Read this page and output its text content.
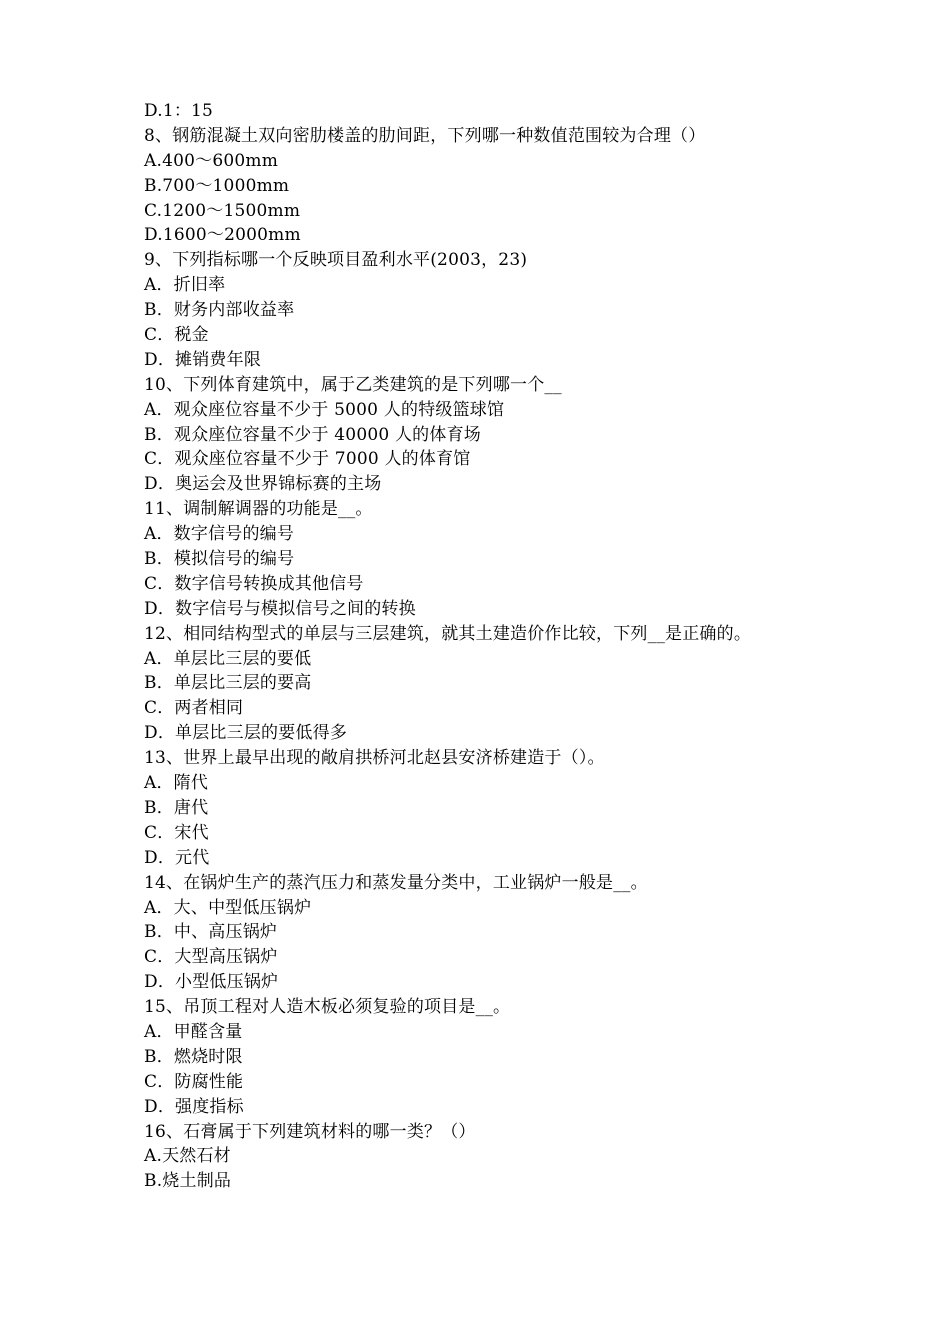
D.1：15
8、钢筋混凝土双向密肋楼盖的肋间距，下列哪一种数值范围较为合理（）
A.400～600mm
B.700～1000mm
C.1200～1500mm
D.1600～2000mm
9、下列指标哪一个反映项目盈利水平(2003，23)
A．折旧率
B．财务内部收益率
C．税金
D．摊销费年限
10、下列体育建筑中，属于乙类建筑的是下列哪一个__
A．观众座位容量不少于 5000 人的特级篮球馆
B．观众座位容量不少于 40000 人的体育场
C．观众座位容量不少于 7000 人的体育馆
D．奥运会及世界锦标赛的主场
11、调制解调器的功能是__。
A．数字信号的编号
B．模拟信号的编号
C．数字信号转换成其他信号
D．数字信号与模拟信号之间的转换
12、相同结构型式的单层与三层建筑，就其土建造价作比较，下列__是正确的。
A．单层比三层的要低
B．单层比三层的要高
C．两者相同
D．单层比三层的要低得多
13、世界上最早出现的敞肩拱桥河北赵县安济桥建造于（）。
A．隋代
B．唐代
C．宋代
D．元代
14、在锅炉生产的蒸汽压力和蒸发量分类中，工业锅炉一般是__。
A．大、中型低压锅炉
B．中、高压锅炉
C．大型高压锅炉
D．小型低压锅炉
15、吊顶工程对人造木板必须复验的项目是__。
A．甲醛含量
B．燃烧时限
C．防腐性能
D．强度指标
16、石膏属于下列建筑材料的哪一类？（）
A.天然石材
B.烧土制品
